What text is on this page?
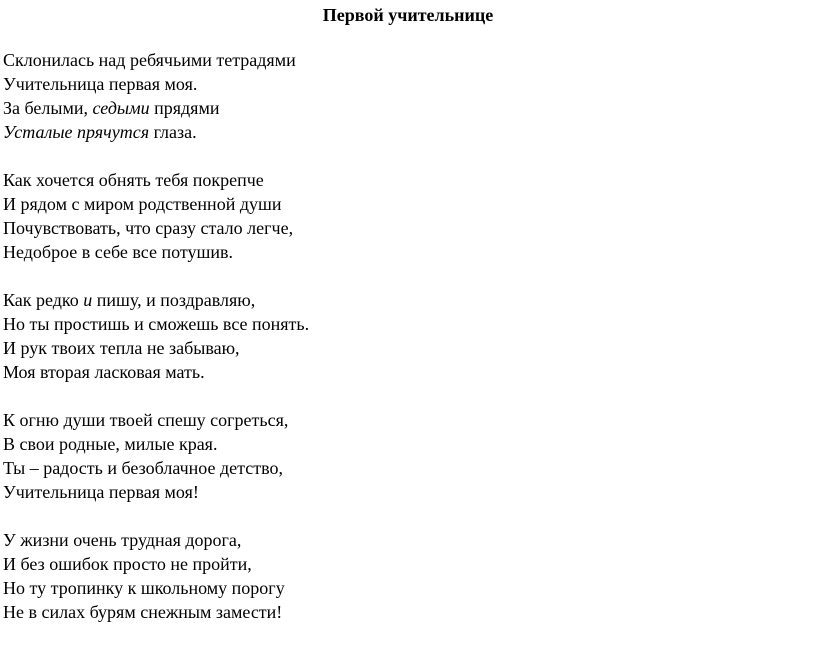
Первой учительнице
Склонилась над ребячьими тетрадями
Учительница первая моя.
За белыми, седыми прядями
Усталые прячутся глаза.
Как хочется обнять тебя покрепче
И рядом с миром родственной души
Почувствовать, что сразу стало легче,
Недоброе в себе все потушив.
Как редко и пишу, и поздравляю,
Но ты простишь и сможешь все понять.
И рук твоих тепла не забываю,
Моя вторая ласковая мать.
К огню души твоей спешу согреться,
В свои родные, милые края.
Ты – радость и безоблачное детство,
Учительница первая моя!
У жизни очень трудная дорога,
И без ошибок просто не пройти,
Но ту тропинку к школьному порогу
Не в силах бурям снежным замести!
